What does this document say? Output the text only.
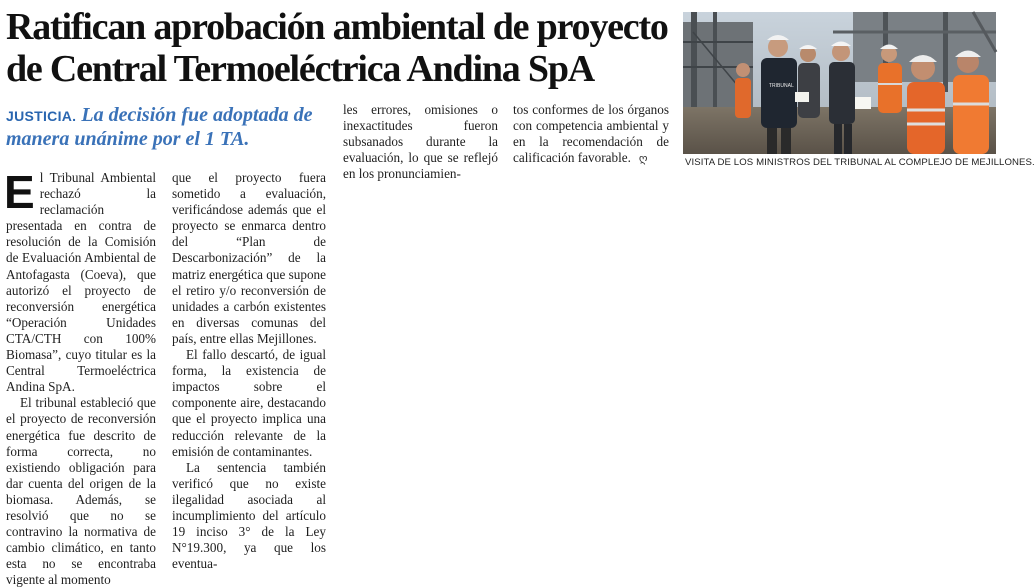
Ratifican aprobación ambiental de proyecto
de Central Termoeléctrica Andina SpA

JUSTICIA. La decisión fue adoptada de manera unánime por el 1 TA.

El Tribunal Ambiental rechazó la reclamación presentada en contra de resolución de la Comisión de Evaluación Ambiental de Antofagasta (Coeva), que autorizó el proyecto de reconversión energética “Operación Unidades CTA/CTH con 100% Biomasa”, cuyo titular es la Central Termoeléctrica Andina SpA.

El tribunal estableció que el proyecto de reconversión energética fue descrito de forma correcta, no existiendo obligación para dar cuenta del origen de la biomasa. Además, se resolvió que no se contravino la normativa de cambio climático, en tanto esta no se encontraba vigente al momento

que el proyecto fuera sometido a evaluación, verificándose además que el proyecto se enmarca dentro del “Plan de Descarbonización” de la matriz energética que supone el retiro y/o reconversión de unidades a carbón existentes en diversas comunas del país, entre ellas Mejillones.

El fallo descartó, de igual forma, la existencia de impactos sobre el componente aire, destacando que el proyecto implica una reducción relevante de la emisión de contaminantes.

La sentencia también verificó que no existe ilegalidad asociada al incumplimiento del artículo 19 inciso 3° de la Ley N°19.300, ya que los eventua-

les errores, omisiones o inexactitudes fueron subsanados durante la evaluación, lo que se reflejó en los pronunciamien-

tos conformes de los órganos con competencia ambiental y en la recomendación de calificación favorable. ღ

TRIBUNAL
VISITA DE LOS MINISTROS DEL TRIBUNAL AL COMPLEJO DE MEJILLONES.
